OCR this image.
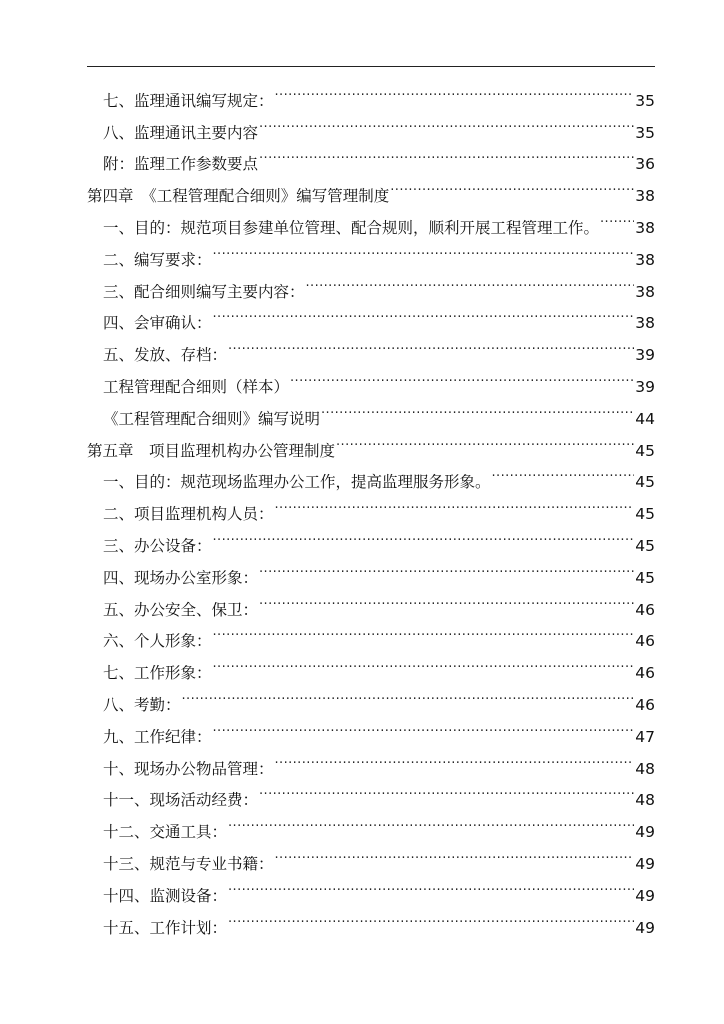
七、监理通讯编写规定： .....	35
八、监理通讯主要内容 .....	35
附：监理工作参数要点 .....	36
第四章　《工程管理配合细则》编写管理制度 .....	38
一、目的：规范项目参建单位管理、配合规则，顺利开展工程管理工作。 ..... 38
二、编写要求： .....	38
三、配合细则编写主要内容： .....	38
四、会审确认： .....	38
五、发放、存档： .....	39
工程管理配合细则（样本） .....	39
《工程管理配合细则》编写说明 .....	44
第五章　项目监理机构办公管理制度 .....	45
一、目的：规范现场监理办公工作，提高监理服务形象。 .....	45
二、项目监理机构人员： .....	45
三、办公设备： .....	45
四、现场办公室形象： .....	45
五、办公安全、保卫： .....	46
六、个人形象： .....	46
七、工作形象： .....	46
八、考勤： .....	46
九、工作纪律： .....	47
十、现场办公物品管理： .....	48
十一、现场活动经费： .....	48
十二、交通工具： .....	49
十三、规范与专业书籍： .....	49
十四、监测设备： .....	49
十五、工作计划： .....	49
